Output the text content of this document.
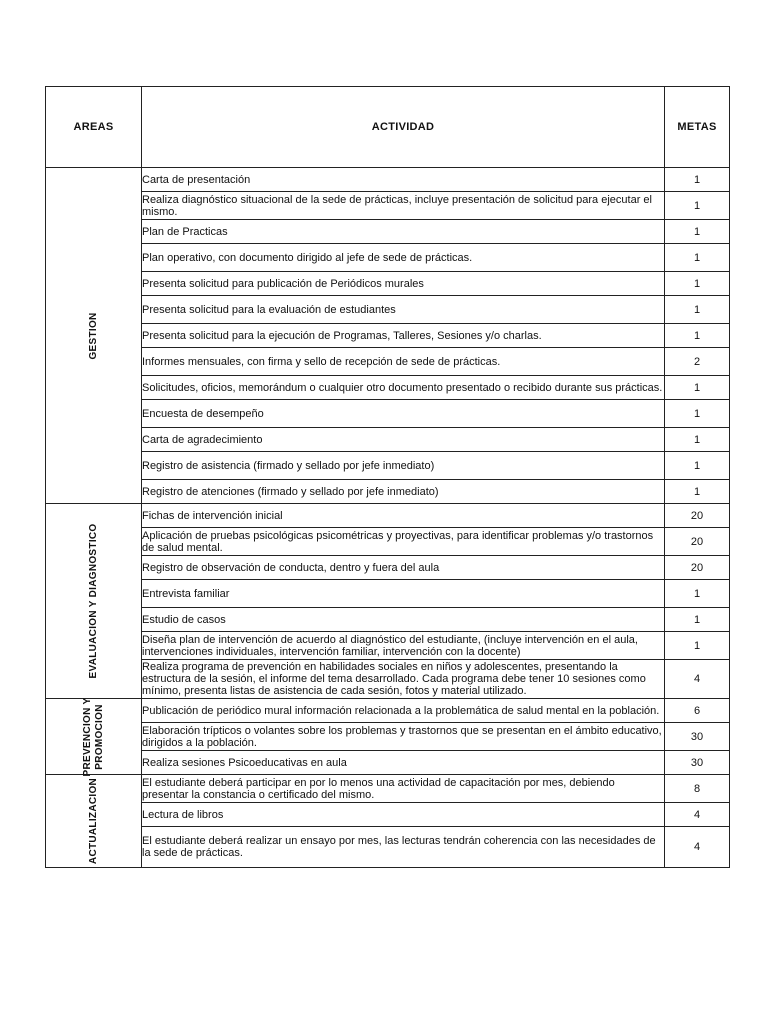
AREAS	ACTIVIDAD	METAS

GESTION	Carta de presentación	1
	Realiza diagnóstico situacional de la sede de prácticas, incluye presentación de solicitud para ejecutar el mismo.	1
	Plan de Practicas	1
	Plan operativo, con documento dirigido al jefe de sede de prácticas.	1
	Presenta solicitud para publicación de Periódicos murales	1
	Presenta solicitud para la evaluación de estudiantes	1
	Presenta solicitud para la ejecución de Programas, Talleres, Sesiones y/o charlas.	1
	Informes mensuales, con firma y sello de recepción de sede de prácticas.	2
	Solicitudes, oficios, memorándum o cualquier otro documento presentado o recibido durante sus prácticas.	1
	Encuesta de desempeño	1
	Carta de agradecimiento	1
	Registro de asistencia (firmado y sellado por jefe inmediato)	1
	Registro de atenciones (firmado y sellado por jefe inmediato)	1

EVALUACION Y DIAGNOSTICO	Fichas de intervención inicial	20
	Aplicación de pruebas psicológicas psicométricas y proyectivas, para identificar problemas y/o trastornos de salud mental.	20
	Registro de observación de conducta, dentro y fuera del aula	20
	Entrevista familiar	1
	Estudio de casos	1
	Diseña plan de intervención de acuerdo al diagnóstico del estudiante, (incluye intervención en el aula, intervenciones individuales, intervención familiar, intervención con la docente)	1
	Realiza programa de prevención en habilidades sociales en niños y adolescentes, presentando la estructura de la sesión, el informe del tema desarrollado. Cada programa debe tener 10 sesiones como mínimo, presenta listas de asistencia de cada sesión, fotos y material utilizado.	4

PREVENCION Y PROMOCION	Publicación de periódico mural información relacionada a la problemática de salud mental en la población.	6
	Elaboración trípticos o volantes sobre los problemas y trastornos que se presentan en el ámbito educativo, dirigidos a la población.	30
	Realiza sesiones Psicoeducativas en aula	30

ACTUALIZACION	El estudiante deberá participar en por lo menos una actividad de capacitación por mes, debiendo presentar la constancia o certificado del mismo.	8
	Lectura de libros	4
	El estudiante deberá realizar un ensayo por mes, las lecturas tendrán coherencia con las necesidades de la sede de prácticas.	4
